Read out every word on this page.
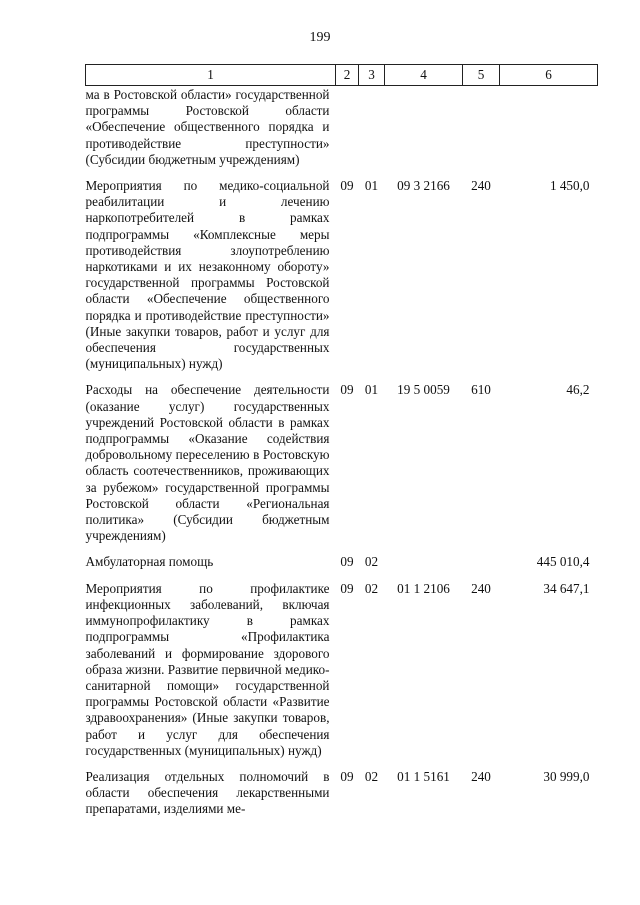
199
1	2	3	4	5	6
ма в Ростовской области» государственной программы Ростовской области «Обеспечение общественного порядка и противодействие преступности» (Субсидии бюджетным учреждениям)					
Мероприятия по медико-социальной реабилитации и лечению наркопотребителей в рамках подпрограммы «Комплексные меры противодействия злоупотреблению наркотиками и их незаконному обороту» государственной программы Ростовской области «Обеспечение общественного порядка и противодействие преступности» (Иные закупки товаров, работ и услуг для обеспечения государственных (муниципальных) нужд)	09	01	09 3 2166	240	1 450,0
Расходы на обеспечение деятельности (оказание услуг) государственных учреждений Ростовской области в рамках подпрограммы «Оказание содействия добровольному переселению в Ростовскую область соотечественников, проживающих за рубежом» государственной программы Ростовской области «Региональная политика» (Субсидии бюджетным учреждениям)	09	01	19 5 0059	610	46,2
Амбулаторная помощь	09	02			445 010,4
Мероприятия по профилактике инфекционных заболеваний, включая иммунопрофилактику в рамках подпрограммы «Профилактика заболеваний и формирование здорового образа жизни. Развитие первичной медико-санитарной помощи» государственной программы Ростовской области «Развитие здравоохранения» (Иные закупки товаров, работ и услуг для обеспечения государственных (муниципальных) нужд)	09	02	01 1 2106	240	34 647,1
Реализация отдельных полномочий в области обеспечения лекарственными препаратами, изделиями ме-	09	02	01 1 5161	240	30 999,0
